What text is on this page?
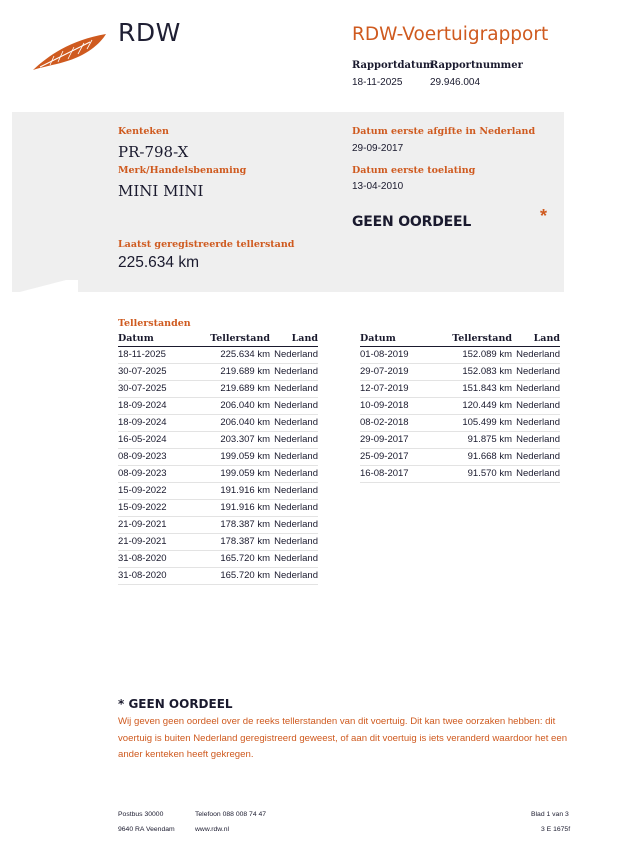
RDW	RDW-Voertuigrapport
Rapportdatum
18-11-2025
Rapportnummer
29.946.004
Kenteken
PR-798-X
Merk/Handelsbenaming
MINI MINI
Datum eerste afgifte in Nederland
29-09-2017
Datum eerste toelating
13-04-2010
GEEN OORDEEL	*
Laatst geregistreerde tellerstand
225.634 km
Tellerstanden
Datum	Tellerstand	Land
18-11-2025	225.634 km	Nederland
30-07-2025	219.689 km	Nederland
30-07-2025	219.689 km	Nederland
18-09-2024	206.040 km	Nederland
18-09-2024	206.040 km	Nederland
16-05-2024	203.307 km	Nederland
08-09-2023	199.059 km	Nederland
08-09-2023	199.059 km	Nederland
15-09-2022	191.916 km	Nederland
15-09-2022	191.916 km	Nederland
21-09-2021	178.387 km	Nederland
21-09-2021	178.387 km	Nederland
31-08-2020	165.720 km	Nederland
31-08-2020	165.720 km	Nederland
Datum	Tellerstand	Land
01-08-2019	152.089 km	Nederland
29-07-2019	152.083 km	Nederland
12-07-2019	151.843 km	Nederland
10-09-2018	120.449 km	Nederland
08-02-2018	105.499 km	Nederland
29-09-2017	91.875 km	Nederland
25-09-2017	91.668 km	Nederland
16-08-2017	91.570 km	Nederland
* GEEN OORDEEL
Wij geven geen oordeel over de reeks tellerstanden van dit voertuig. Dit kan twee oorzaken hebben: dit voertuig is buiten Nederland geregistreerd geweest, of aan dit voertuig is iets veranderd waardoor het een ander kenteken heeft gekregen.
Postbus 30000	Telefoon 088 008 74 47	Blad 1 van 3
9640 RA Veendam	www.rdw.nl	3 E 1675f
